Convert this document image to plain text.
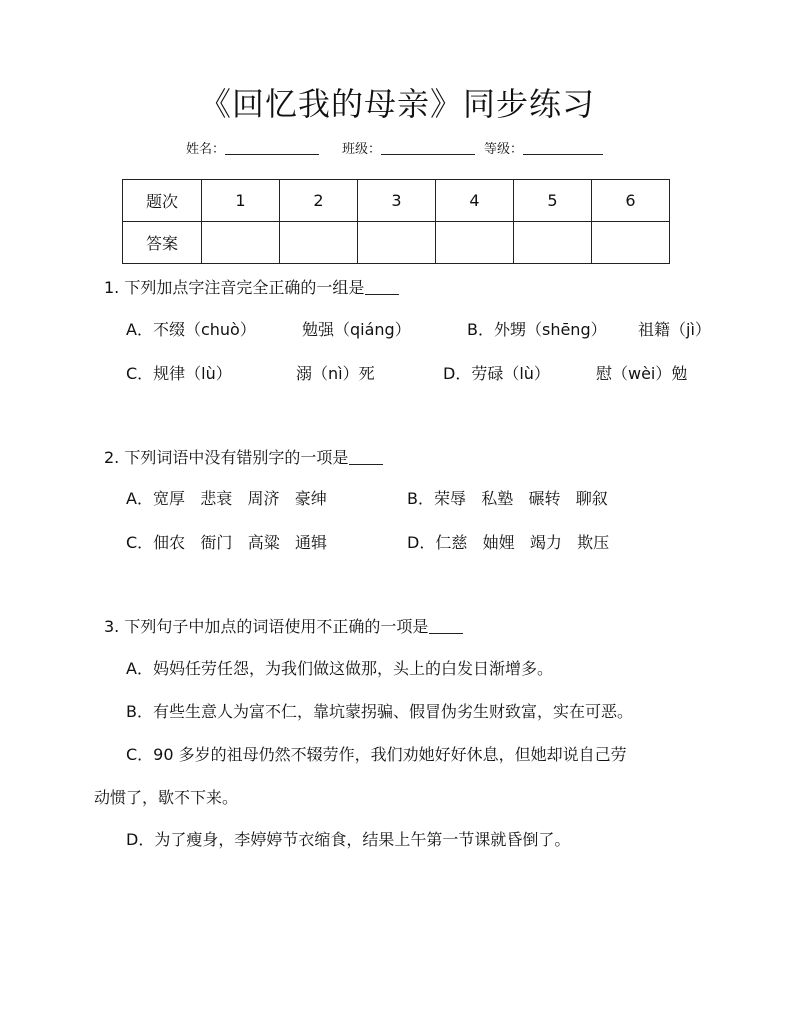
《回忆我的母亲》同步练习
姓名：	班级：	等级：
题次	1	2	3	4	5	6
答案						
1. 下列加点字注音完全正确的一组是
A．不缀（chuò）	勉强（qiáng）	B．外甥（shēng） 祖籍（jì）
C．规律（lù）	溺（nì）死	D．劳碌（lù）	慰（wèi）勉
2. 下列词语中没有错别字的一项是
A．宽厚   悲衰   周济   豪绅	B．荣辱   私塾   碾转   聊叙
C．佃农   衙门   高粱   通辑	D．仁慈   妯娌   竭力   欺压
3. 下列句子中加点的词语使用不正确的一项是
A．妈妈任劳任怨，为我们做这做那，头上的白发日渐增多。
B．有些生意人为富不仁，靠坑蒙拐骗、假冒伪劣生财致富，实在可恶。
C．90 多岁的祖母仍然不辍劳作，我们劝她好好休息，但她却说自己劳
动惯了，歇不下来。
D．为了瘦身，李婷婷节衣缩食，结果上午第一节课就昏倒了。
